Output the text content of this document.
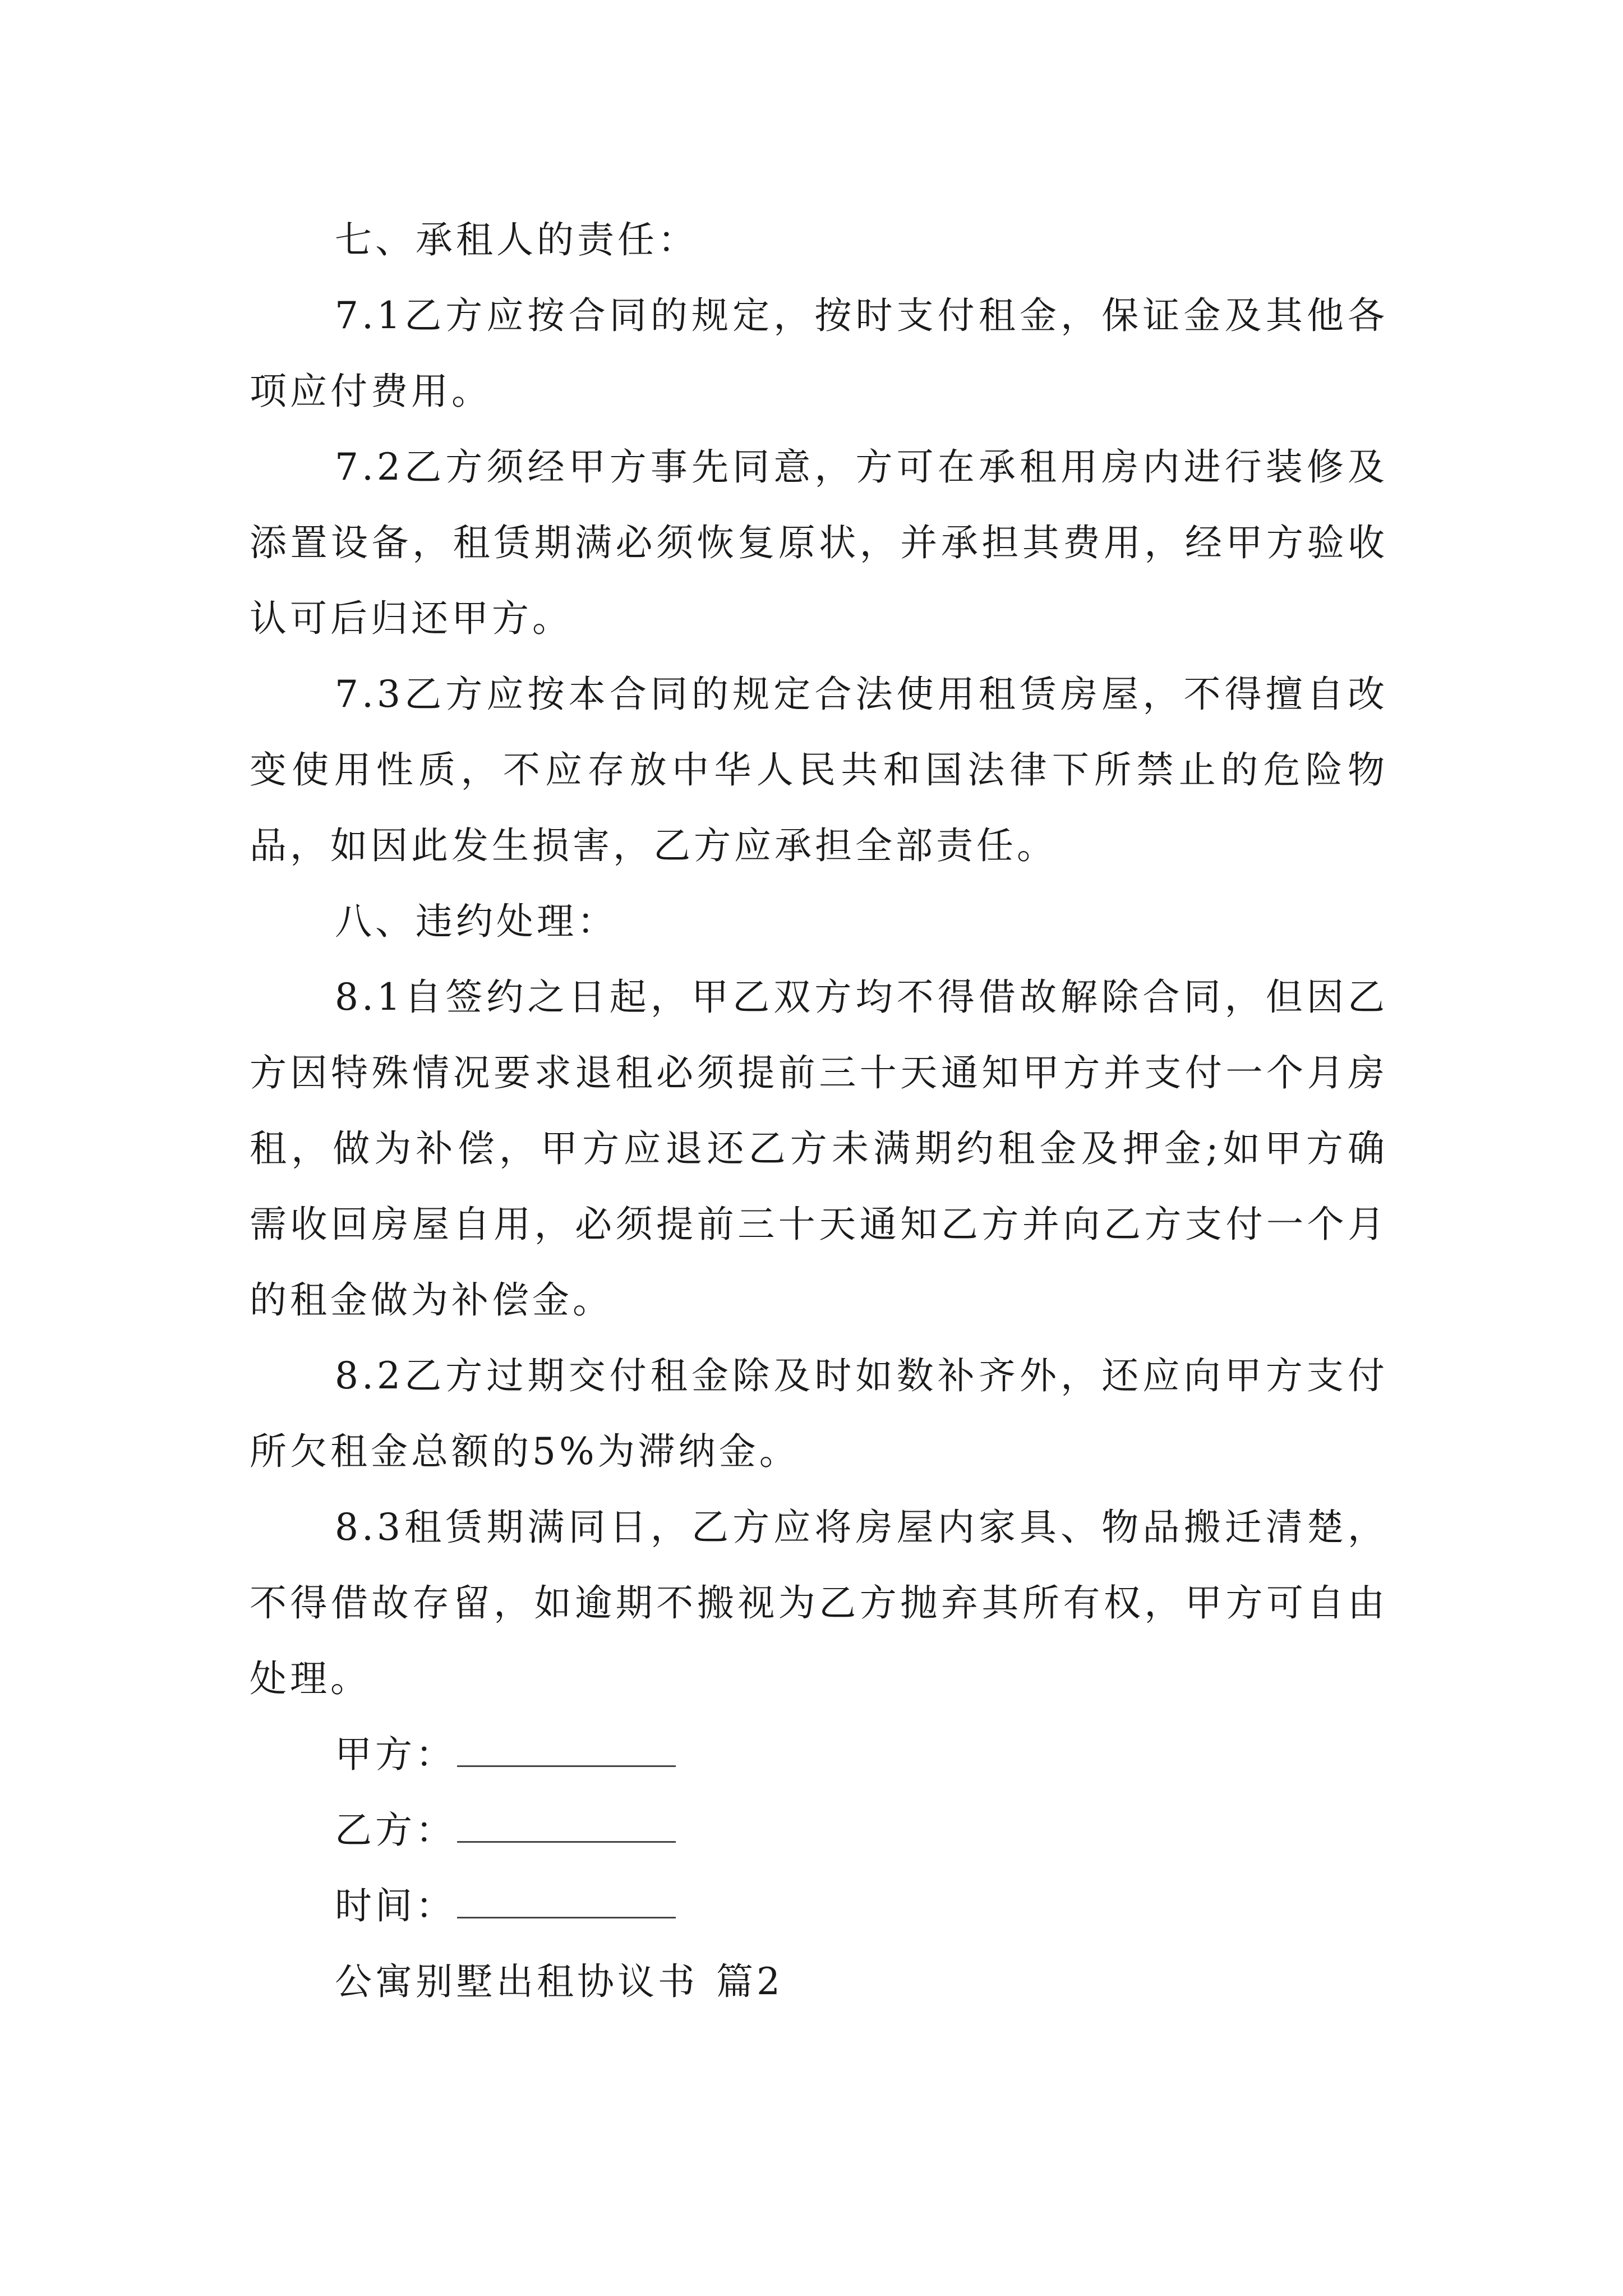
七、承租人的责任：

7.1乙方应按合同的规定，按时支付租金，保证金及其他各项应付费用。

7.2乙方须经甲方事先同意，方可在承租用房内进行装修及添置设备，租赁期满必须恢复原状，并承担其费用，经甲方验收认可后归还甲方。

7.3乙方应按本合同的规定合法使用租赁房屋，不得擅自改变使用性质，不应存放中华人民共和国法律下所禁止的危险物品，如因此发生损害，乙方应承担全部责任。

八、违约处理：

8.1自签约之日起，甲乙双方均不得借故解除合同，但因乙方因特殊情况要求退租必须提前三十天通知甲方并支付一个月房租，做为补偿，甲方应退还乙方未满期约租金及押金;如甲方确需收回房屋自用，必须提前三十天通知乙方并向乙方支付一个月的租金做为补偿金。

8.2乙方过期交付租金除及时如数补齐外，还应向甲方支付所欠租金总额的5%为滞纳金。

8.3租赁期满同日，乙方应将房屋内家具、物品搬迁清楚，不得借故存留，如逾期不搬视为乙方抛弃其所有权，甲方可自由处理。

甲方：

乙方：

时间：

公寓别墅出租协议书 篇2
